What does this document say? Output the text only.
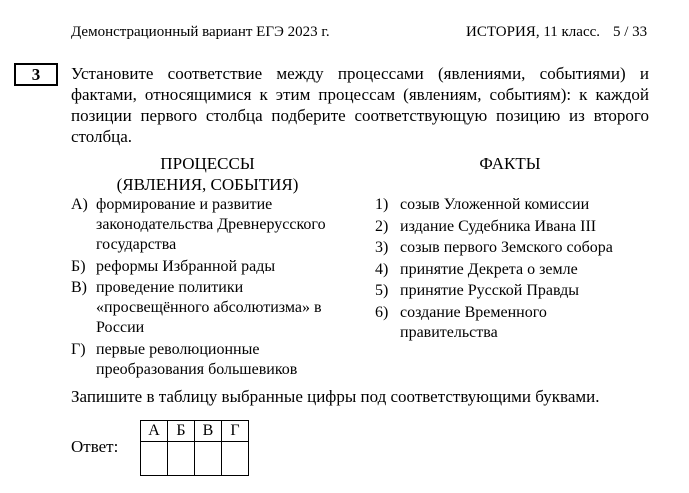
Демонстрационный вариант ЕГЭ 2023 г.	ИСТОРИЯ, 11 класс. 5 / 33
3	Установите соответствие между процессами (явлениями, событиями) и фактами, относящимися к этим процессам (явлениям, событиям): к каждой позиции первого столбца подберите соответствующую позицию из второго столбца.
ПРОЦЕССЫ
(ЯВЛЕНИЯ, СОБЫТИЯ)
А) формирование и развитие законодательства Древнерусского государства
Б) реформы Избранной рады
В) проведение политики «просвещённого абсолютизма» в России
Г) первые революционные преобразования большевиков
ФАКТЫ
1) созыв Уложенной комиссии
2) издание Судебника Ивана III
3) созыв первого Земского собора
4) принятие Декрета о земле
5) принятие Русской Правды
6) создание Временного правительства
Запишите в таблицу выбранные цифры под соответствующими буквами.
Ответ:
А	Б	В	Г
